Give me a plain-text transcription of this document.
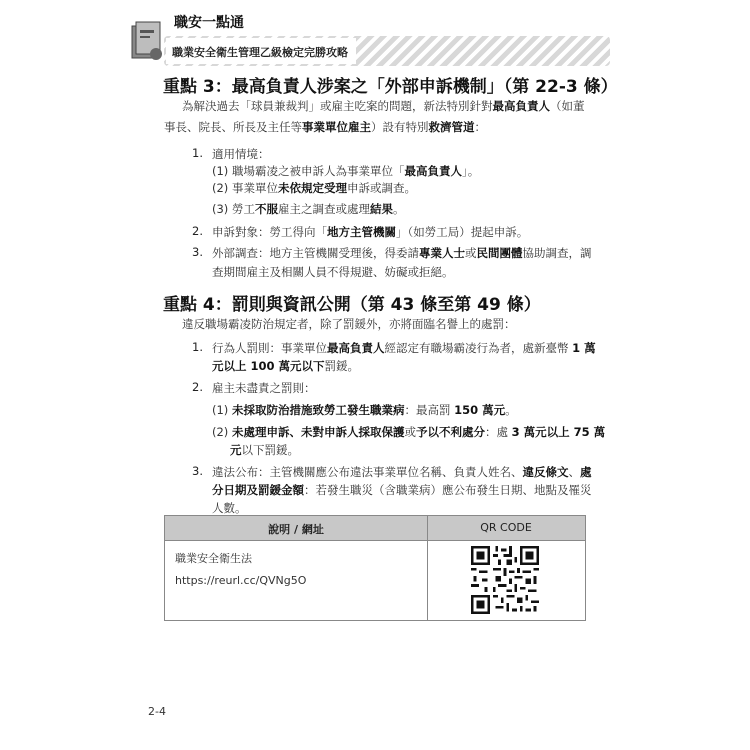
職安一點通
職業安全衛生管理乙級檢定完勝攻略
重點 3：最高負責人涉案之「外部申訴機制」（第 22-3 條）
為解決過去「球員兼裁判」或雇主吃案的問題，新法特別針對最高負責人（如董
事長、院長、所長及主任等事業單位雇主）設有特別救濟管道：
1. 適用情境：
(1) 職場霸凌之被申訴人為事業單位「最高負責人」。
(2) 事業單位未依規定受理申訴或調查。
(3) 勞工不服雇主之調查或處理結果。
2. 申訴對象：勞工得向「地方主管機關」（如勞工局）提起申訴。
3. 外部調查：地方主管機關受理後，得委請專業人士或民間團體協助調查，調
查期間雇主及相關人員不得規避、妨礙或拒絕。
重點 4：罰則與資訊公開（第 43 條至第 49 條）
違反職場霸凌防治規定者，除了罰鍰外，亦將面臨名譽上的處罰：
1. 行為人罰則：事業單位最高負責人經認定有職場霸凌行為者，處新臺幣 1 萬
元以上 100 萬元以下罰鍰。
2. 雇主未盡責之罰則：
(1) 未採取防治措施致勞工發生職業病：最高罰 150 萬元。
(2) 未處理申訴、未對申訴人採取保護或予以不利處分：處 3 萬元以上 75 萬
元以下罰鍰。
3. 違法公布：主管機關應公布違法事業單位名稱、負責人姓名、違反條文、處
分日期及罰鍰金額：若發生職災（含職業病）應公布發生日期、地點及罹災
人數。
說明 / 網址	QR CODE
職業安全衛生法
https://reurl.cc/QVNg5O
2-4
